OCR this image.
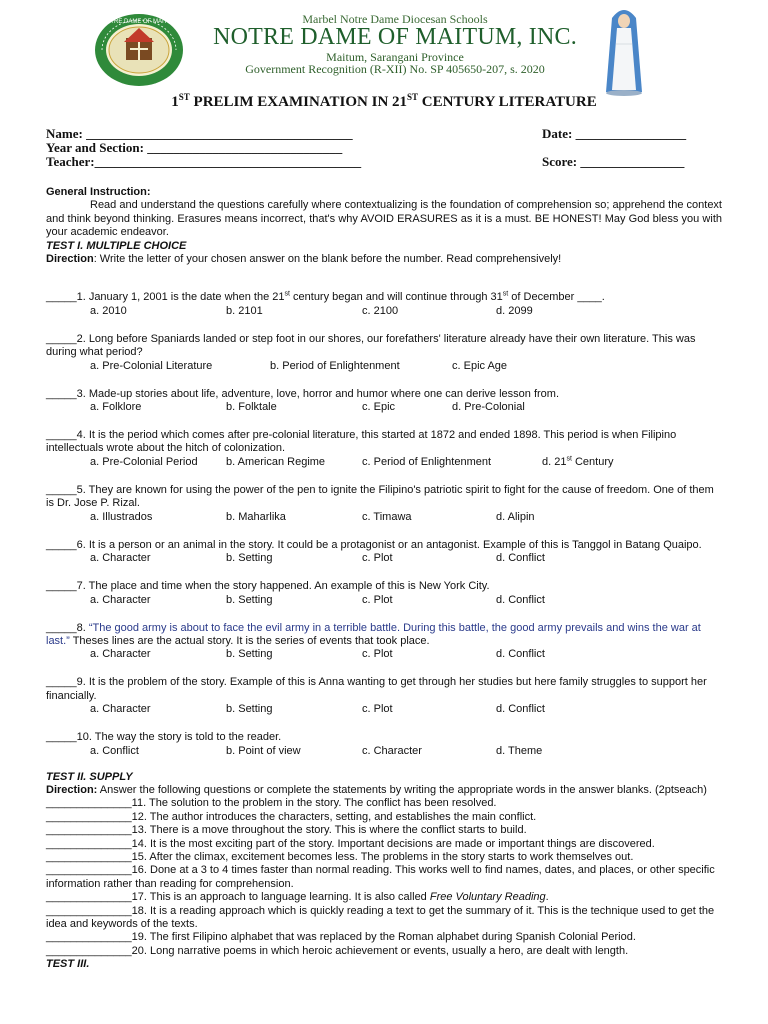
NOTRE DAME OF MAITUM	Marbel Notre Dame Diocesan Schools
NOTRE DAME OF MAITUM, INC.
Maitum, Sarangani Province
Government Recognition (R-XII) No. SP 405650-207, s. 2020
1ST PRELIM EXAMINATION IN 21ST CENTURY LITERATURE
Name: _________________________________________
Year and Section: ______________________________
Teacher:_________________________________________
Date: _________________
Score: ________________
General Instruction:
Read and understand the questions carefully where contextualizing is the foundation of comprehension so; apprehend the context and think beyond thinking. Erasures means incorrect, that's why AVOID ERASURES as it is a must. BE HONEST! May God bless you with your academic endeavor.
TEST I. MULTIPLE CHOICE
Direction: Write the letter of your chosen answer on the blank before the number. Read comprehensively!
_____1. January 1, 2001 is the date when the 21st century began and will continue through 31st of December ____.
a. 2010	b. 2101	c. 2100	d. 2099
_____2. Long before Spaniards landed or step foot in our shores, our forefathers' literature already have their own literature. This was during what period?
a. Pre-Colonial Literature	b. Period of Enlightenment	c. Epic Age
_____3. Made-up stories about life, adventure, love, horror and humor where one can derive lesson from.
a. Folklore	b. Folktale	c. Epic	d. Pre-Colonial
_____4. It is the period which comes after pre-colonial literature, this started at 1872 and ended 1898. This period is when Filipino intellectuals wrote about the hitch of colonization.
a. Pre-Colonial Period	b. American Regime	c. Period of Enlightenment	d. 21st Century
_____5. They are known for using the power of the pen to ignite the Filipino's patriotic spirit to fight for the cause of freedom. One of them is Dr. Jose P. Rizal.
a. Illustrados	b. Maharlika	c. Timawa	d. Alipin
_____6. It is a person or an animal in the story. It could be a protagonist or an antagonist. Example of this is Tanggol in Batang Quaipo.
a. Character	b. Setting	c. Plot	d. Conflict
_____7. The place and time when the story happened. An example of this is New York City.
a. Character	b. Setting	c. Plot	d. Conflict
_____8. “The good army is about to face the evil army in a terrible battle. During this battle, the good army prevails and wins the war at last.” Theses lines are the actual story. It is the series of events that took place.
a. Character	b. Setting	c. Plot	d. Conflict
_____9. It is the problem of the story. Example of this is Anna wanting to get through her studies but here family struggles to support her financially.
a. Character	b. Setting	c. Plot	d. Conflict
_____10. The way the story is told to the reader.
a. Conflict	b. Point of view	c. Character	d. Theme
TEST II. SUPPLY
Direction: Answer the following questions or complete the statements by writing the appropriate words in the answer blanks. (2ptseach)
______________11. The solution to the problem in the story. The conflict has been resolved.
______________12. The author introduces the characters, setting, and establishes the main conflict.
______________13. There is a move throughout the story. This is where the conflict starts to build.
______________14. It is the most exciting part of the story. Important decisions are made or important things are discovered.
______________15. After the climax, excitement becomes less. The problems in the story starts to work themselves out.
______________16. Done at a 3 to 4 times faster than normal reading. This works well to find names, dates, and places, or other specific information rather than reading for comprehension.
______________17. This is an approach to language learning. It is also called Free Voluntary Reading.
______________18. It is a reading approach which is quickly reading a text to get the summary of it. This is the technique used to get the idea and keywords of the texts.
______________19. The first Filipino alphabet that was replaced by the Roman alphabet during Spanish Colonial Period.
______________20. Long narrative poems in which heroic achievement or events, usually a hero, are dealt with length.
TEST III.
